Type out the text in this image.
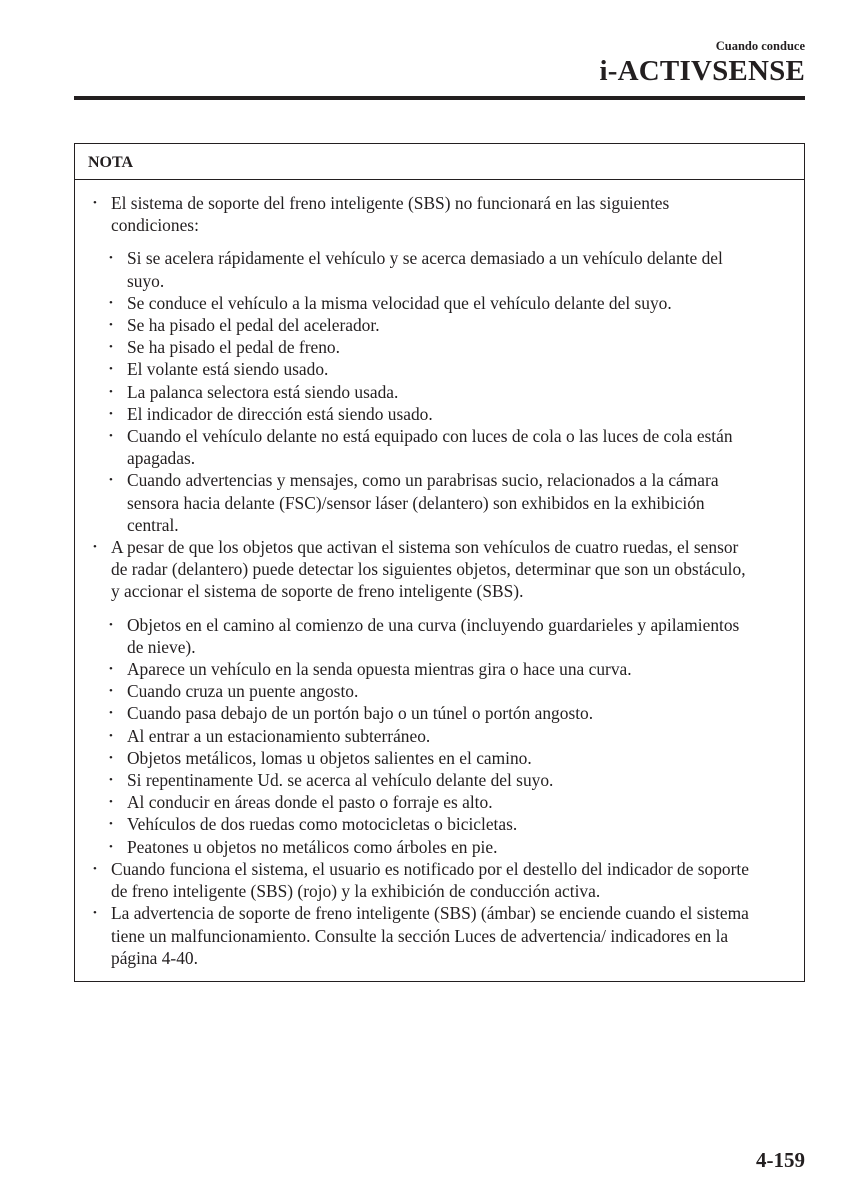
Cuando conduce
i-ACTIVSENSE
NOTA
• El sistema de soporte del freno inteligente (SBS) no funcionará en las siguientes condiciones:
• Si se acelera rápidamente el vehículo y se acerca demasiado a un vehículo delante del suyo.
• Se conduce el vehículo a la misma velocidad que el vehículo delante del suyo.
• Se ha pisado el pedal del acelerador.
• Se ha pisado el pedal de freno.
• El volante está siendo usado.
• La palanca selectora está siendo usada.
• El indicador de dirección está siendo usado.
• Cuando el vehículo delante no está equipado con luces de cola o las luces de cola están apagadas.
• Cuando advertencias y mensajes, como un parabrisas sucio, relacionados a la cámara sensora hacia delante (FSC)/sensor láser (delantero) son exhibidos en la exhibición central.
• A pesar de que los objetos que activan el sistema son vehículos de cuatro ruedas, el sensor de radar (delantero) puede detectar los siguientes objetos, determinar que son un obstáculo, y accionar el sistema de soporte de freno inteligente (SBS).
• Objetos en el camino al comienzo de una curva (incluyendo guardarieles y apilamientos de nieve).
• Aparece un vehículo en la senda opuesta mientras gira o hace una curva.
• Cuando cruza un puente angosto.
• Cuando pasa debajo de un portón bajo o un túnel o portón angosto.
• Al entrar a un estacionamiento subterráneo.
• Objetos metálicos, lomas u objetos salientes en el camino.
• Si repentinamente Ud. se acerca al vehículo delante del suyo.
• Al conducir en áreas donde el pasto o forraje es alto.
• Vehículos de dos ruedas como motocicletas o bicicletas.
• Peatones u objetos no metálicos como árboles en pie.
• Cuando funciona el sistema, el usuario es notificado por el destello del indicador de soporte de freno inteligente (SBS) (rojo) y la exhibición de conducción activa.
• La advertencia de soporte de freno inteligente (SBS) (ámbar) se enciende cuando el sistema tiene un malfuncionamiento. Consulte la sección Luces de advertencia/ indicadores en la página 4-40.
4-159
